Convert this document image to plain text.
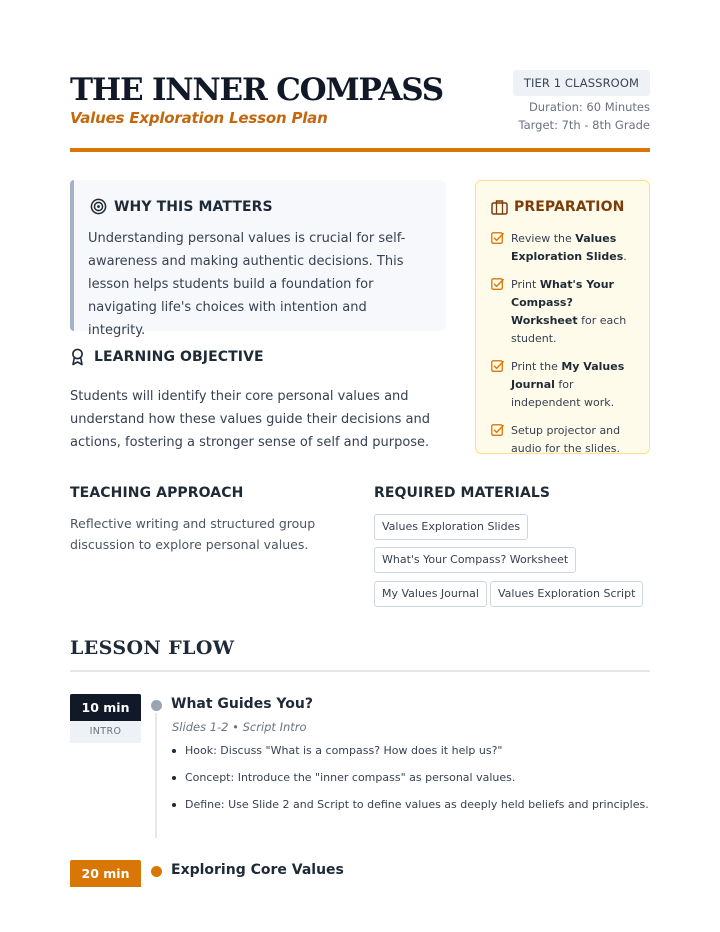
THE INNER COMPASS
Values Exploration Lesson Plan
TIER 1 CLASSROOM
Duration: 60 Minutes
Target: 7th - 8th Grade
WHY THIS MATTERS

Understanding personal values is crucial for self-awareness and making authentic decisions. This lesson helps students build a foundation for navigating life's choices with intention and integrity.

LEARNING OBJECTIVE

Students will identify their core personal values and understand how these values guide their decisions and actions, fostering a stronger sense of self and purpose.

PREPARATION
Review the Values Exploration Slides.
Print What's Your Compass? Worksheet for each student.
Print the My Values Journal for independent work.
Setup projector and audio for the slides.
TEACHING APPROACH

Reflective writing and structured group discussion to explore personal values.

REQUIRED MATERIALS
Values Exploration Slides
What's Your Compass? Worksheet
My Values Journal	Values Exploration Script
LESSON FLOW
10 min
INTRO
What Guides You?
Slides 1-2 • Script Intro
Hook: Discuss "What is a compass? How does it help us?"
Concept: Introduce the "inner compass" as personal values.
Define: Use Slide 2 and Script to define values as deeply held beliefs and principles.
20 min	Exploring Core Values
